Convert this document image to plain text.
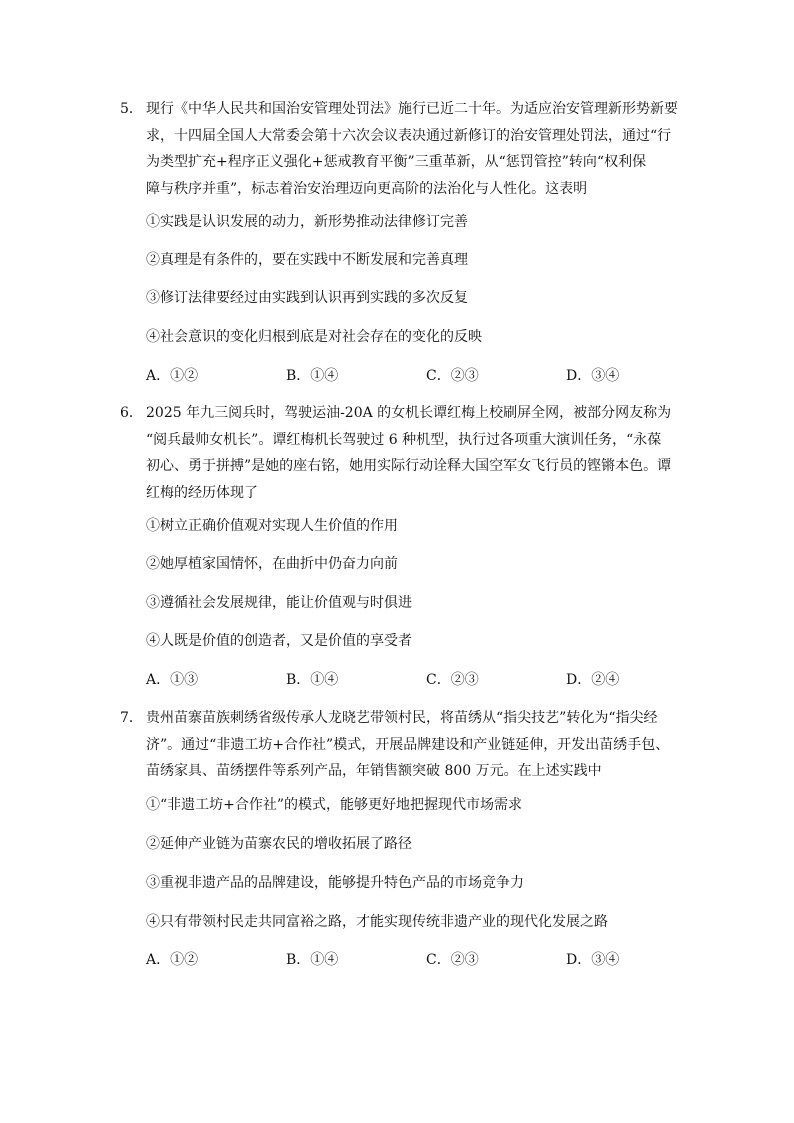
5． 现行《中华人民共和国治安管理处罚法》施行已近二十年。为适应治安管理新形势新要
求，十四届全国人大常委会第十六次会议表决通过新修订的治安管理处罚法，通过“行
为类型扩充+程序正义强化+惩戒教育平衡”三重革新，从“惩罚管控”转向“权利保
障与秩序并重”，标志着治安治理迈向更高阶的法治化与人性化。这表明
①实践是认识发展的动力，新形势推动法律修订完善
②真理是有条件的，要在实践中不断发展和完善真理
③修订法律要经过由实践到认识再到实践的多次反复
④社会意识的变化归根到底是对社会存在的变化的反映
A．①②	B．①④	C．②③	D．③④
6． 2025 年九三阅兵时，驾驶运油-20A 的女机长谭红梅上校刷屏全网，被部分网友称为
“阅兵最帅女机长”。谭红梅机长驾驶过 6 种机型，执行过各项重大演训任务，“永葆
初心、勇于拼搏”是她的座右铭，她用实际行动诠释大国空军女飞行员的铿锵本色。谭
红梅的经历体现了
①树立正确价值观对实现人生价值的作用
②她厚植家国情怀，在曲折中仍奋力向前
③遵循社会发展规律，能让价值观与时俱进
④人既是价值的创造者，又是价值的享受者
A．①③	B．①④	C．②③	D．②④
7． 贵州苗寨苗族刺绣省级传承人龙晓艺带领村民，将苗绣从“指尖技艺”转化为“指尖经
济”。通过“非遗工坊+合作社”模式，开展品牌建设和产业链延伸，开发出苗绣手包、
苗绣家具、苗绣摆件等系列产品，年销售额突破 800 万元。在上述实践中
①“非遗工坊+合作社”的模式，能够更好地把握现代市场需求
②延伸产业链为苗寨农民的增收拓展了路径
③重视非遗产品的品牌建设，能够提升特色产品的市场竞争力
④只有带领村民走共同富裕之路，才能实现传统非遗产业的现代化发展之路
A．①②	B．①④	C．②③	D．③④
